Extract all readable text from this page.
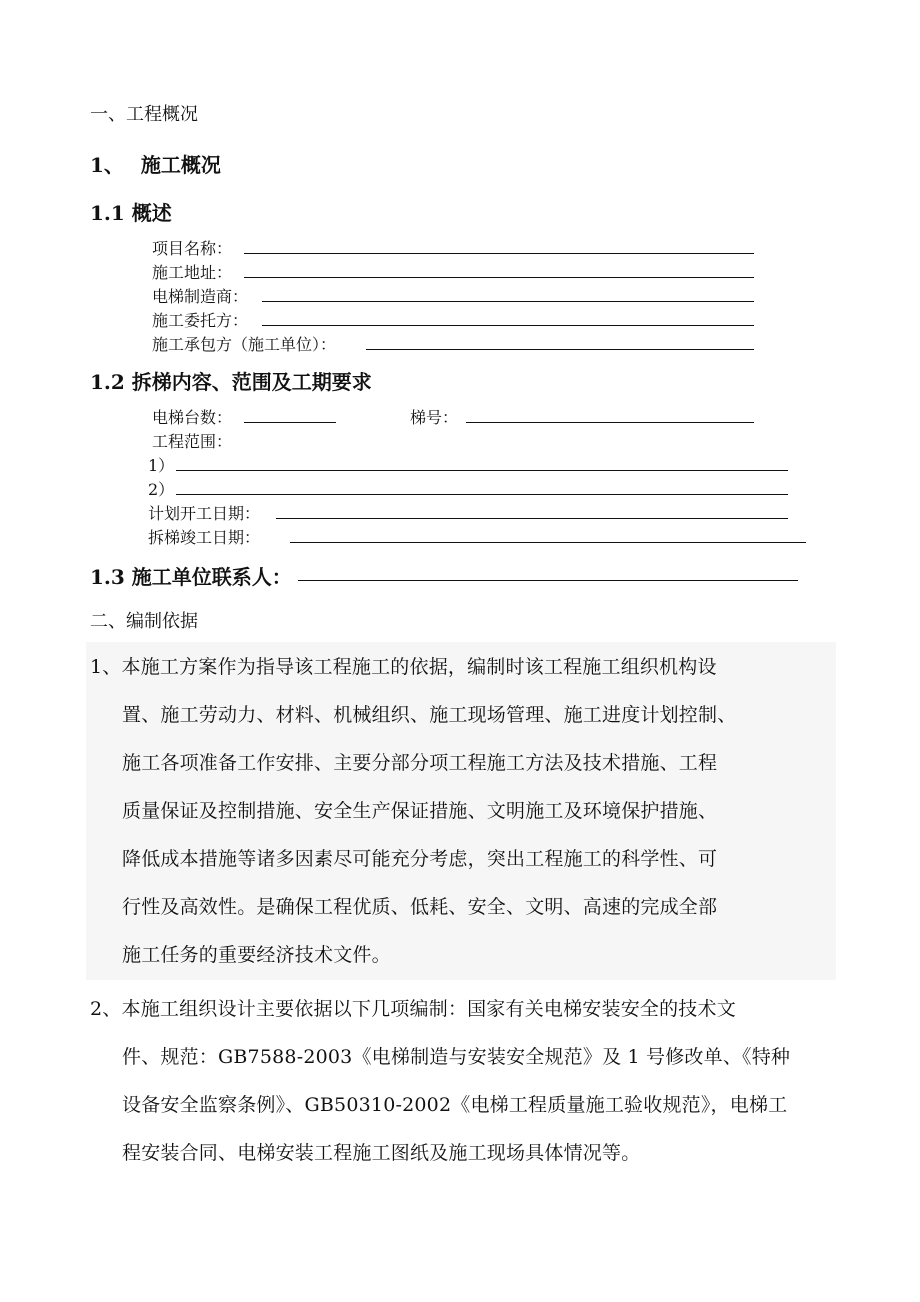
一、工程概况
1、　 施工概况
1.1 概述
项目名称：
施工地址：
电梯制造商：
施工委托方：
施工承包方（施工单位）：
1.2 拆梯内容、范围及工期要求
电梯台数：	梯号：
工程范围：
1）
2）
计划开工日期：
拆梯竣工日期：
1.3 施工单位联系人：
二、编制依据
1、本施工方案作为指导该工程施工的依据，编制时该工程施工组织机构设
置、施工劳动力、材料、机械组织、施工现场管理、施工进度计划控制、
施工各项准备工作安排、主要分部分项工程施工方法及技术措施、工程
质量保证及控制措施、安全生产保证措施、文明施工及环境保护措施、
降低成本措施等诸多因素尽可能充分考虑，突出工程施工的科学性、可
行性及高效性。是确保工程优质、低耗、安全、文明、高速的完成全部
施工任务的重要经济技术文件。
2、本施工组织设计主要依据以下几项编制：国家有关电梯安装安全的技术文
件、规范：GB7588-2003《电梯制造与安装安全规范》及 1 号修改单、《特种
设备安全监察条例》、GB50310-2002《电梯工程质量施工验收规范》，电梯工
程安装合同、电梯安装工程施工图纸及施工现场具体情况等。
